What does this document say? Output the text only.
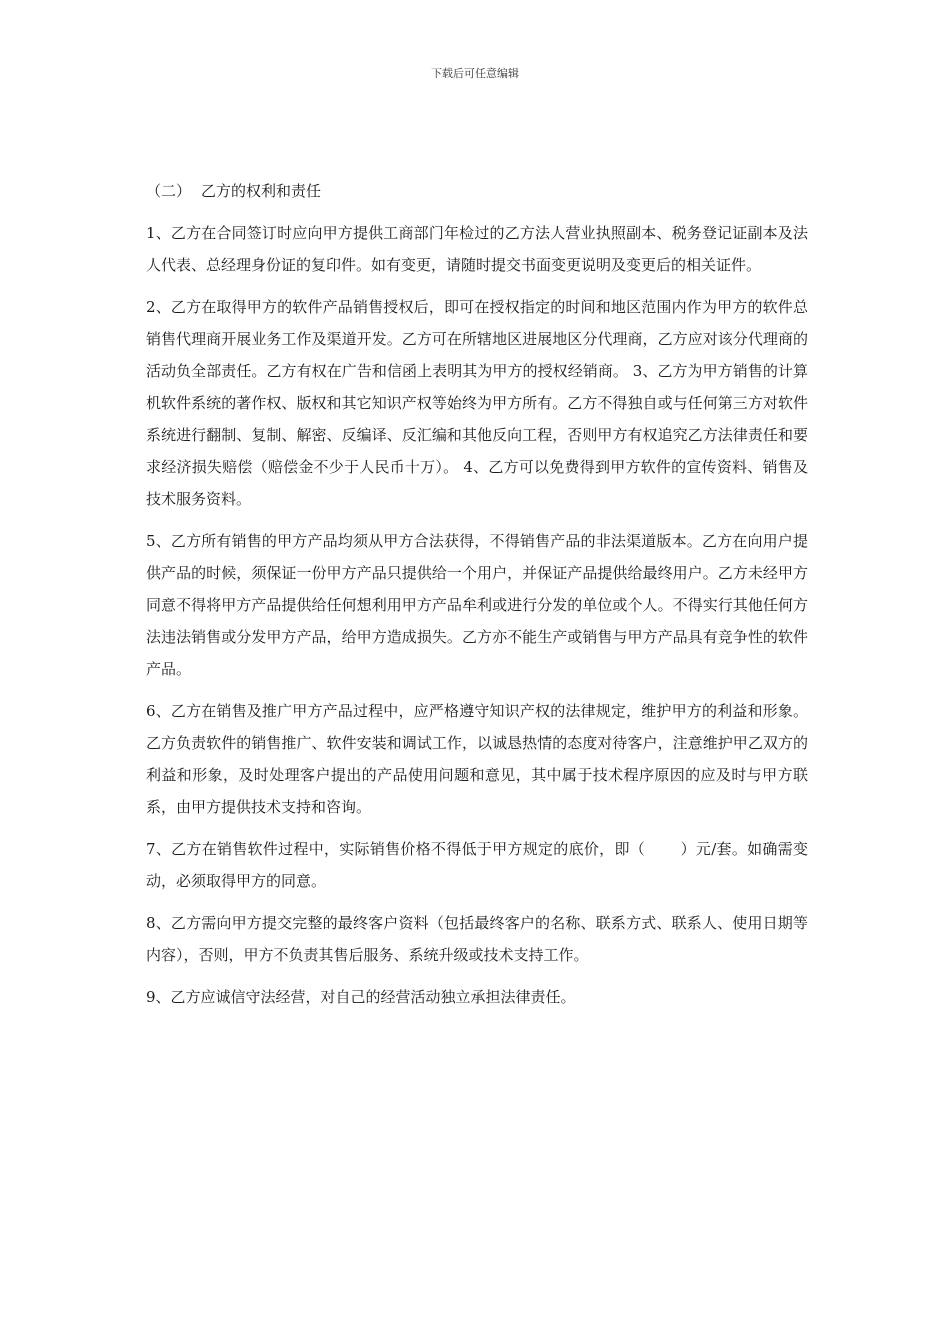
下载后可任意编辑

（二） 乙方的权利和责任

1、乙方在合同签订时应向甲方提供工商部门年检过的乙方法人营业执照副本、税务登记证副本及法人代表、总经理身份证的复印件。如有变更，请随时提交书面变更说明及变更后的相关证件。

2、乙方在取得甲方的软件产品销售授权后，即可在授权指定的时间和地区范围内作为甲方的软件总销售代理商开展业务工作及渠道开发。乙方可在所辖地区进展地区分代理商，乙方应对该分代理商的活动负全部责任。乙方有权在广告和信函上表明其为甲方的授权经销商。 3、乙方为甲方销售的计算机软件系统的著作权、版权和其它知识产权等始终为甲方所有。乙方不得独自或与任何第三方对软件系统进行翻制、复制、解密、反编译、反汇编和其他反向工程，否则甲方有权追究乙方法律责任和要求经济损失赔偿（赔偿金不少于人民币十万）。 4、乙方可以免费得到甲方软件的宣传资料、销售及技术服务资料。

5、乙方所有销售的甲方产品均须从甲方合法获得，不得销售产品的非法渠道版本。乙方在向用户提供产品的时候，须保证一份甲方产品只提供给一个用户，并保证产品提供给最终用户。乙方未经甲方同意不得将甲方产品提供给任何想利用甲方产品牟利或进行分发的单位或个人。不得实行其他任何方法违法销售或分发甲方产品，给甲方造成损失。乙方亦不能生产或销售与甲方产品具有竞争性的软件产品。

6、乙方在销售及推广甲方产品过程中，应严格遵守知识产权的法律规定，维护甲方的利益和形象。乙方负责软件的销售推广、软件安装和调试工作，以诚恳热情的态度对待客户，注意维护甲乙双方的利益和形象，及时处理客户提出的产品使用问题和意见，其中属于技术程序原因的应及时与甲方联系，由甲方提供技术支持和咨询。

7、乙方在销售软件过程中，实际销售价格不得低于甲方规定的底价，即（　　 ）元/套。如确需变动，必须取得甲方的同意。

8、乙方需向甲方提交完整的最终客户资料（包括最终客户的名称、联系方式、联系人、使用日期等内容），否则，甲方不负责其售后服务、系统升级或技术支持工作。

9、乙方应诚信守法经营，对自己的经营活动独立承担法律责任。
